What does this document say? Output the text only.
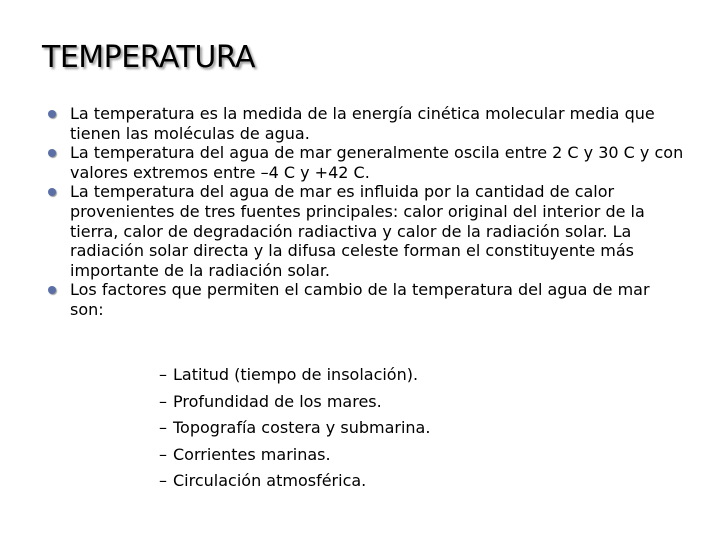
TEMPERATURA
La temperatura es la medida de la energía cinética molecular media que tienen las moléculas de agua.
La temperatura del agua de mar generalmente oscila entre 2 C y 30 C y con valores extremos entre –4 C y +42 C.
La temperatura del agua de mar es influida por la cantidad de calor provenientes de tres fuentes principales: calor original del interior de la tierra, calor de degradación radiactiva y calor de la radiación solar. La radiación solar directa y la difusa celeste forman el constituyente más importante de la radiación solar.
Los factores que permiten el cambio de la temperatura del agua de mar son:
– Latitud (tiempo de insolación).
– Profundidad de los mares.
– Topografía costera y submarina.
– Corrientes marinas.
– Circulación atmosférica.
